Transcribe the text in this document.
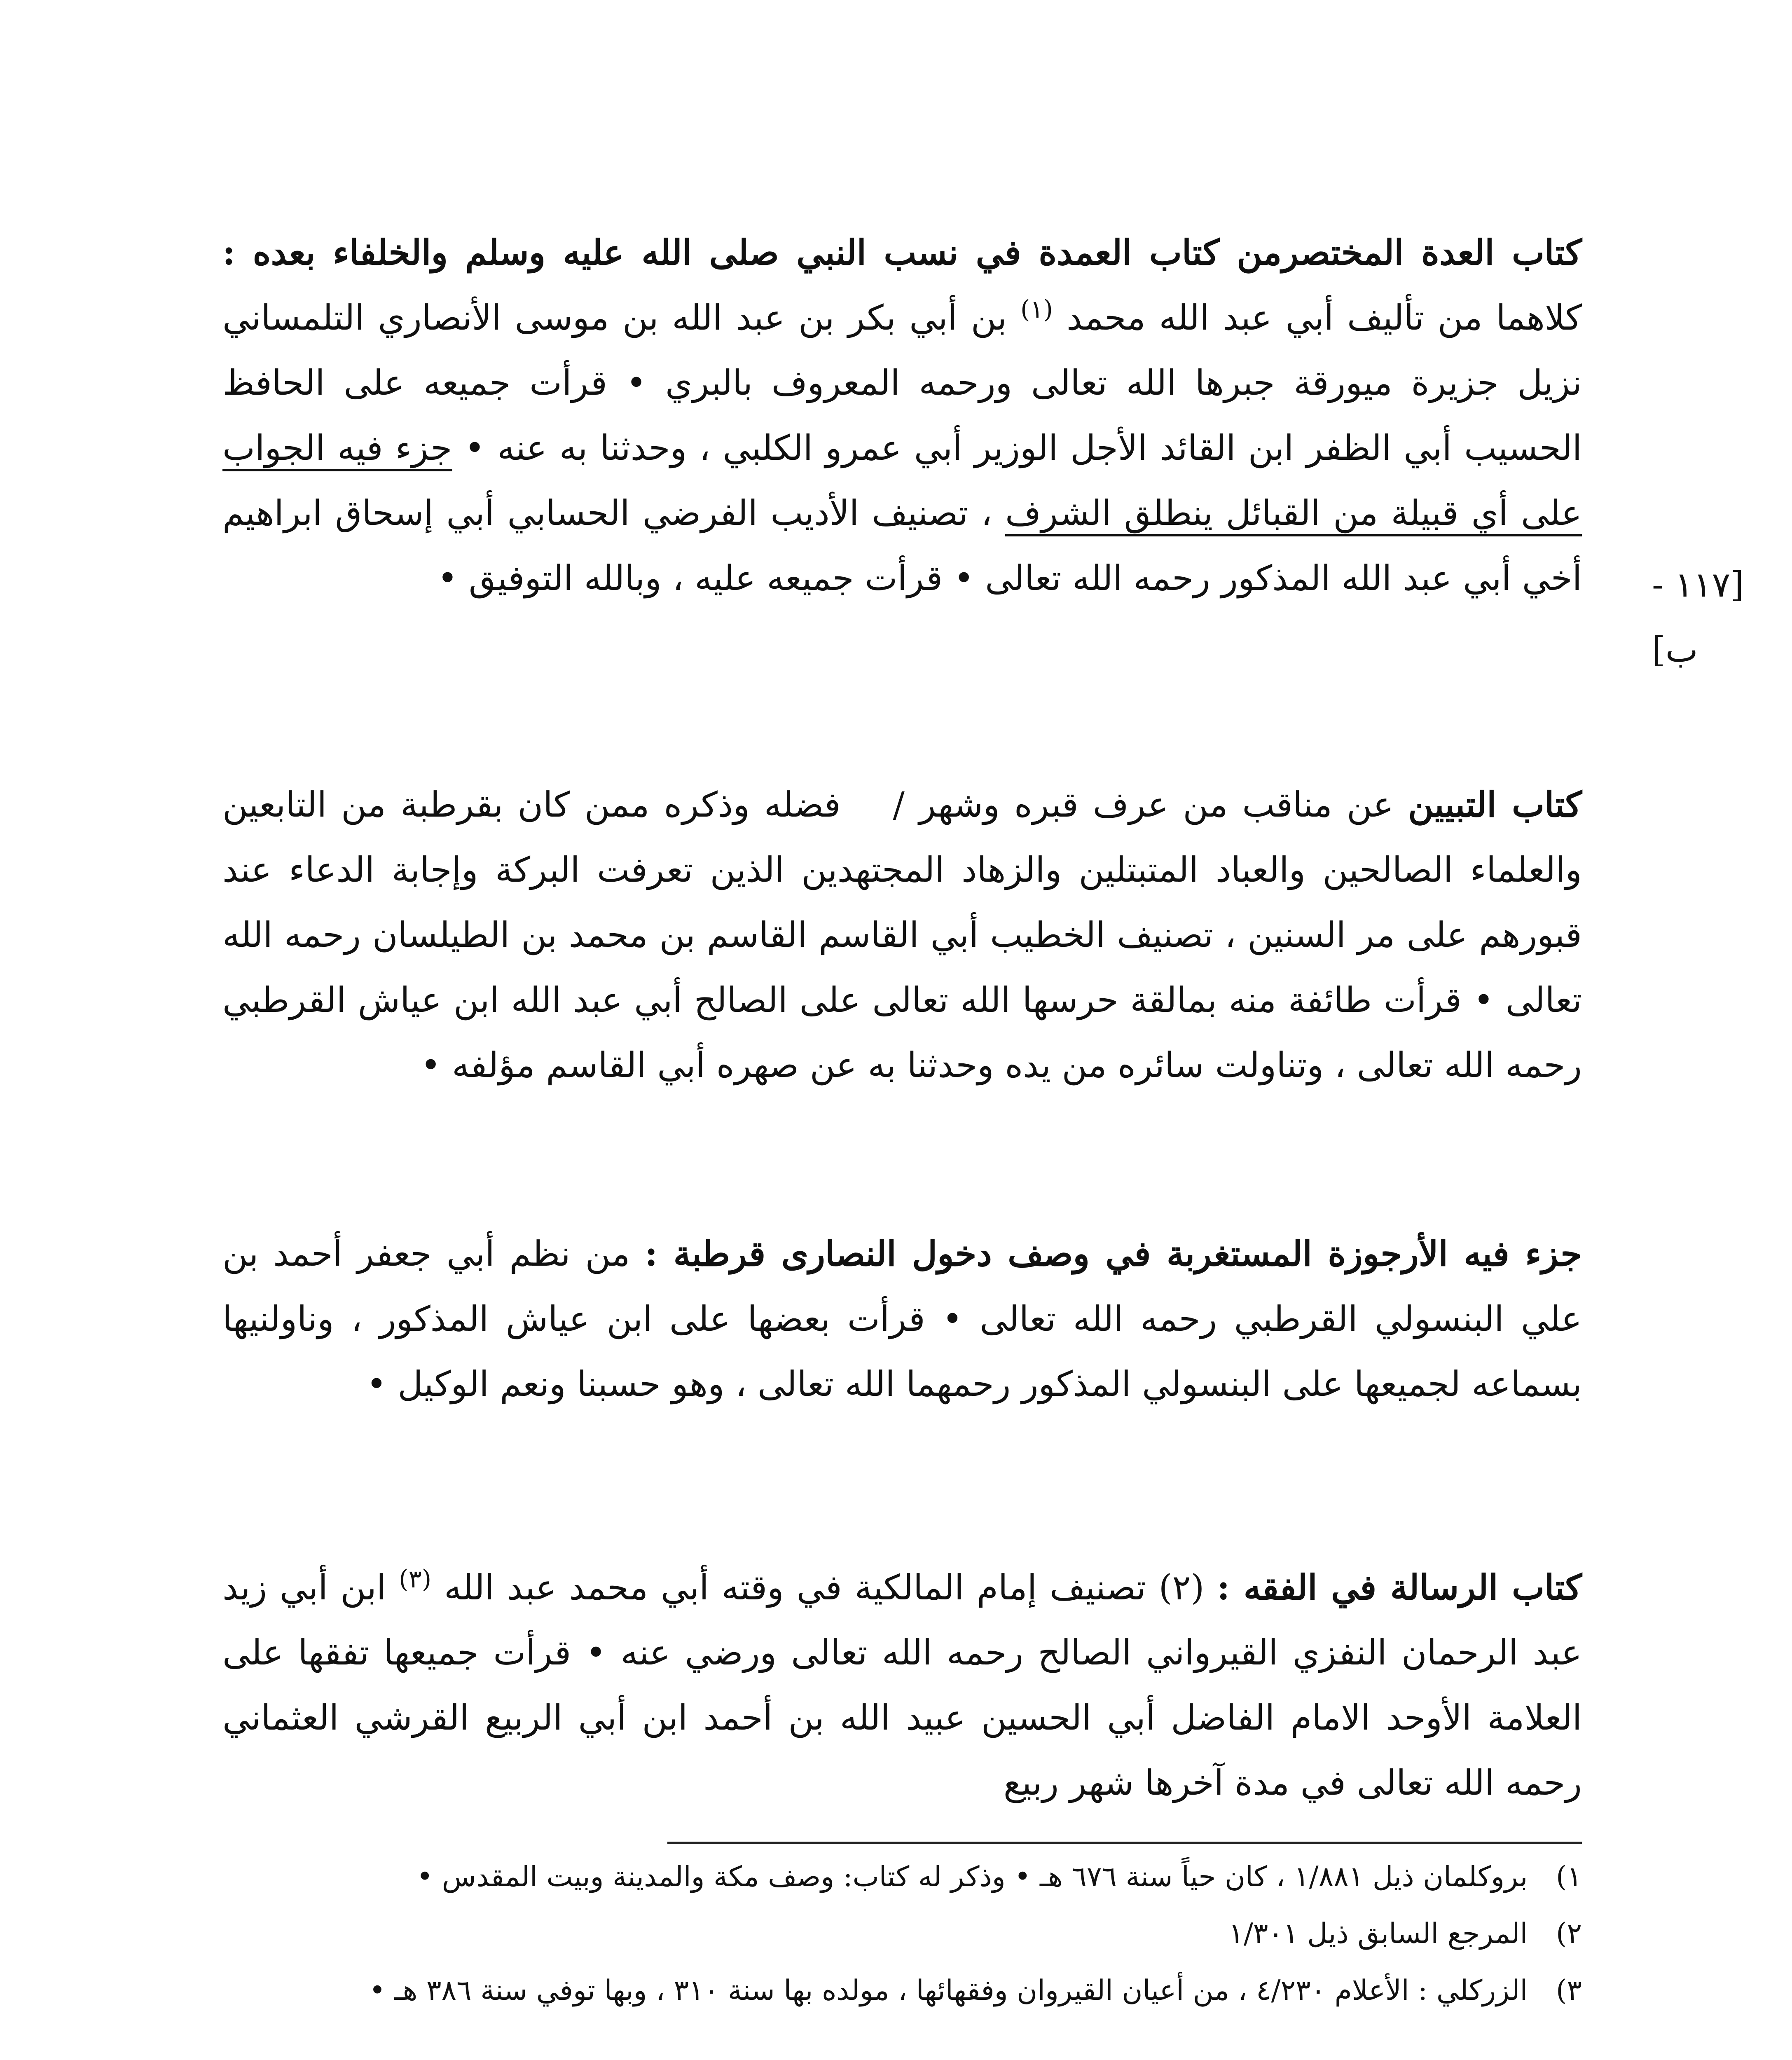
كتاب العدة المختصرمن كتاب العمدة في نسب النبي صلى الله عليه وسلم والخلفاء بعده : كلاهما من تأليف أبي عبد الله محمد $^{(١)}$ بن أبي بكر بن عبد الله بن موسى الأنصاري التلمساني نزيل جزيرة ميورقة جبرها الله تعالى ورحمه المعروف بالبري • قرأت جميعه على الحافظ الحسيب أبي الظفر ابن القائد الأجل الوزير أبي عمرو الكلبي ، وحدثنا به عنه • جزء فيه الجواب على أي قبيلة من القبائل ينطلق الشرف ، تصنيف الأديب الفرضي الحسابي أبي إسحاق ابراهيم أخي أبي عبد الله المذكور رحمه الله تعالى • قرأت جميعه عليه ، وبالله التوفيق •

كتاب التبيين عن مناقب من عرف قبره وشهر / فضله وذكره ممن كان بقرطبة من التابعين والعلماء الصالحين والعباد المتبتلين والزهاد المجتهدين الذين تعرفت البركة وإجابة الدعاء عند قبورهم على مر السنين ، تصنيف الخطيب أبي القاسم القاسم بن محمد بن الطيلسان رحمه الله تعالى • قرأت طائفة منه بمالقة حرسها الله تعالى على الصالح أبي عبد الله ابن عياش القرطبي رحمه الله تعالى ، وتناولت سائره من يده وحدثنا به عن صهره أبي القاسم مؤلفه •

جزء فيه الأرجوزة المستغربة في وصف دخول النصارى قرطبة : من نظم أبي جعفر أحمد بن علي البنسولي القرطبي رحمه الله تعالى • قرأت بعضها على ابن عياش المذكور ، وناولنيها بسماعه لجميعها على البنسولي المذكور رحمهما الله تعالى ، وهو حسبنا ونعم الوكيل •

كتاب الرسالة في الفقه : (٢) تصنيف إمام المالكية في وقته أبي محمد عبد الله $^{(٣)}$ ابن أبي زيد عبد الرحمان النفزي القيرواني الصالح رحمه الله تعالى ورضي عنه • قرأت جميعها تفقها على العلامة الأوحد الامام الفاضل أبي الحسين عبيد الله بن أحمد ابن أبي الربيع القرشي العثماني رحمه الله تعالى في مدة آخرها شهر ربيع

[١١٧ - ب]
١) بروكلمان ذيل ١/٨٨١ ، كان حياً سنة ٦٧٦ هـ • وذكر له كتاب: وصف مكة والمدينة وبيت المقدس •
٢) المرجع السابق ذيل ١/٣٠١
٣) الزركلي : الأعلام ٤/٢٣٠ ، من أعيان القيروان وفقهائها ، مولده بها سنة ٣١٠ ، وبها توفي سنة ٣٨٦ هـ •
